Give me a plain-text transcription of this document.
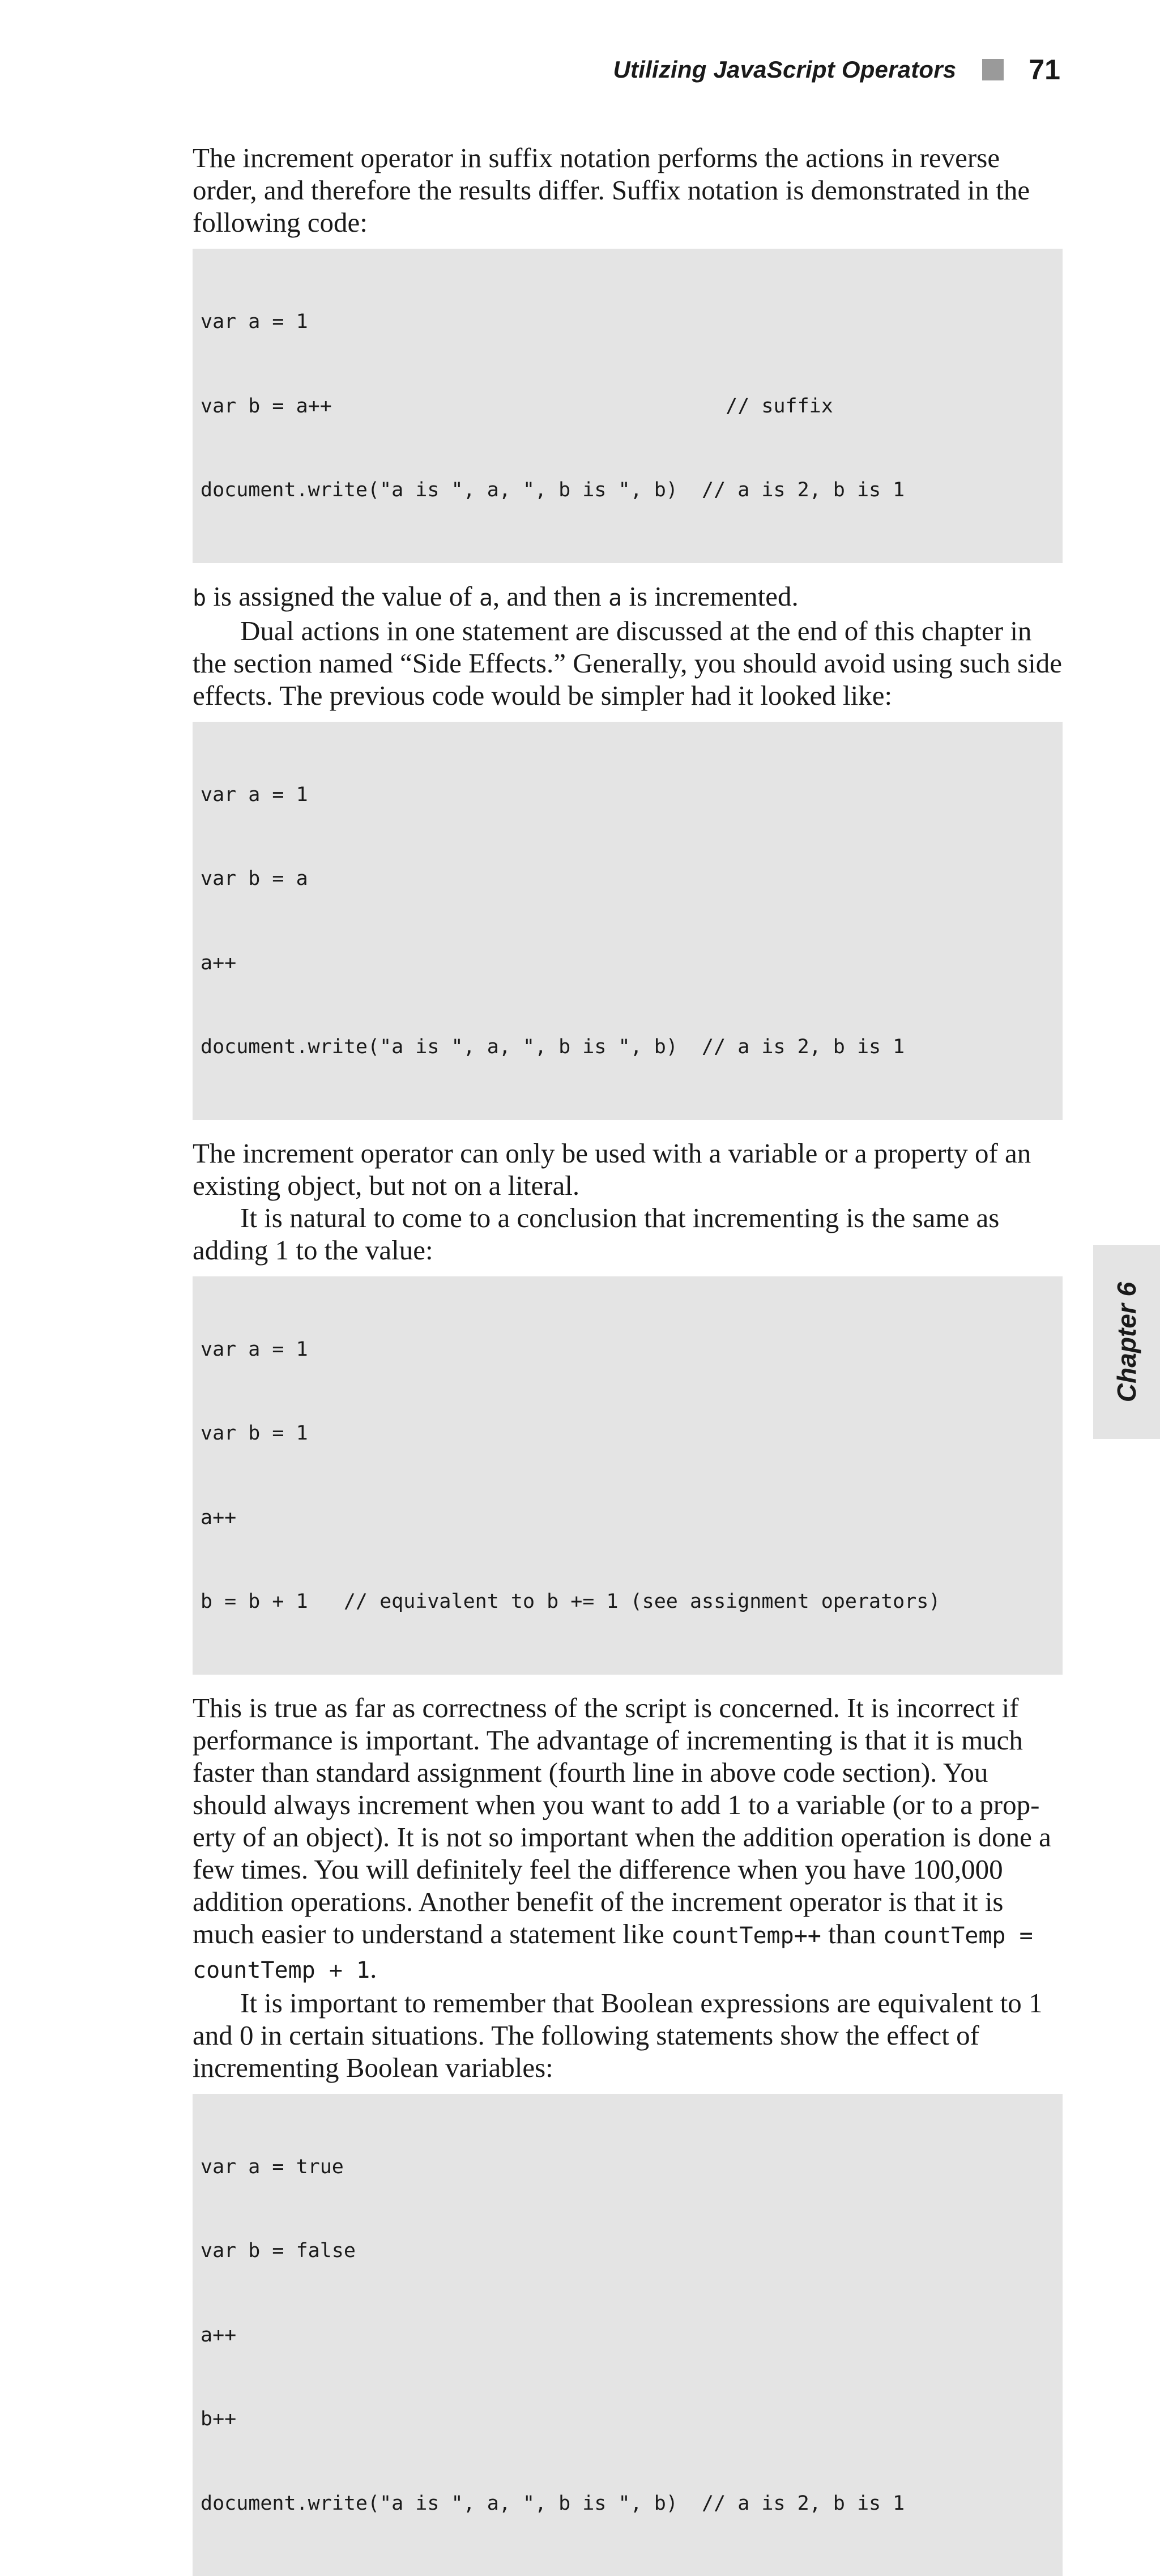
Utilizing JavaScript Operators	71

The increment operator in suffix notation performs the actions in reverse order, and therefore the results differ. Suffix notation is demonstrated in the following code:

var a = 1

var b = a++                                 // suffix

document.write("a is ", a, ", b is ", b)  // a is 2, b is 1

b is assigned the value of a, and then a is incremented.

Dual actions in one statement are discussed at the end of this chapter in the section named “Side Effects.” Generally, you should avoid using such side effects. The previous code would be simpler had it looked like:

var a = 1

var b = a

a++

document.write("a is ", a, ", b is ", b)  // a is 2, b is 1

The increment operator can only be used with a variable or a property of an existing object, but not on a literal.

It is natural to come to a conclusion that incrementing is the same as adding 1 to the value:

var a = 1

var b = 1

a++

b = b + 1   // equivalent to b += 1 (see assignment operators)

This is true as far as correctness of the script is concerned. It is incorrect if performance is important. The advantage of incrementing is that it is much faster than standard assignment (fourth line in above code section). You should always increment when you want to add 1 to a variable (or to a prop-erty of an object). It is not so important when the addition operation is done a few times. You will definitely feel the difference when you have 100,000 addition operations. Another benefit of the increment operator is that it is much easier to understand a statement like countTemp++ than countTemp = countTemp + 1.

It is important to remember that Boolean expressions are equivalent to 1 and 0 in certain situations. The following statements show the effect of incrementing Boolean variables:

var a = true

var b = false

a++

b++

document.write("a is ", a, ", b is ", b)  // a is 2, b is 1

Chapter 6
